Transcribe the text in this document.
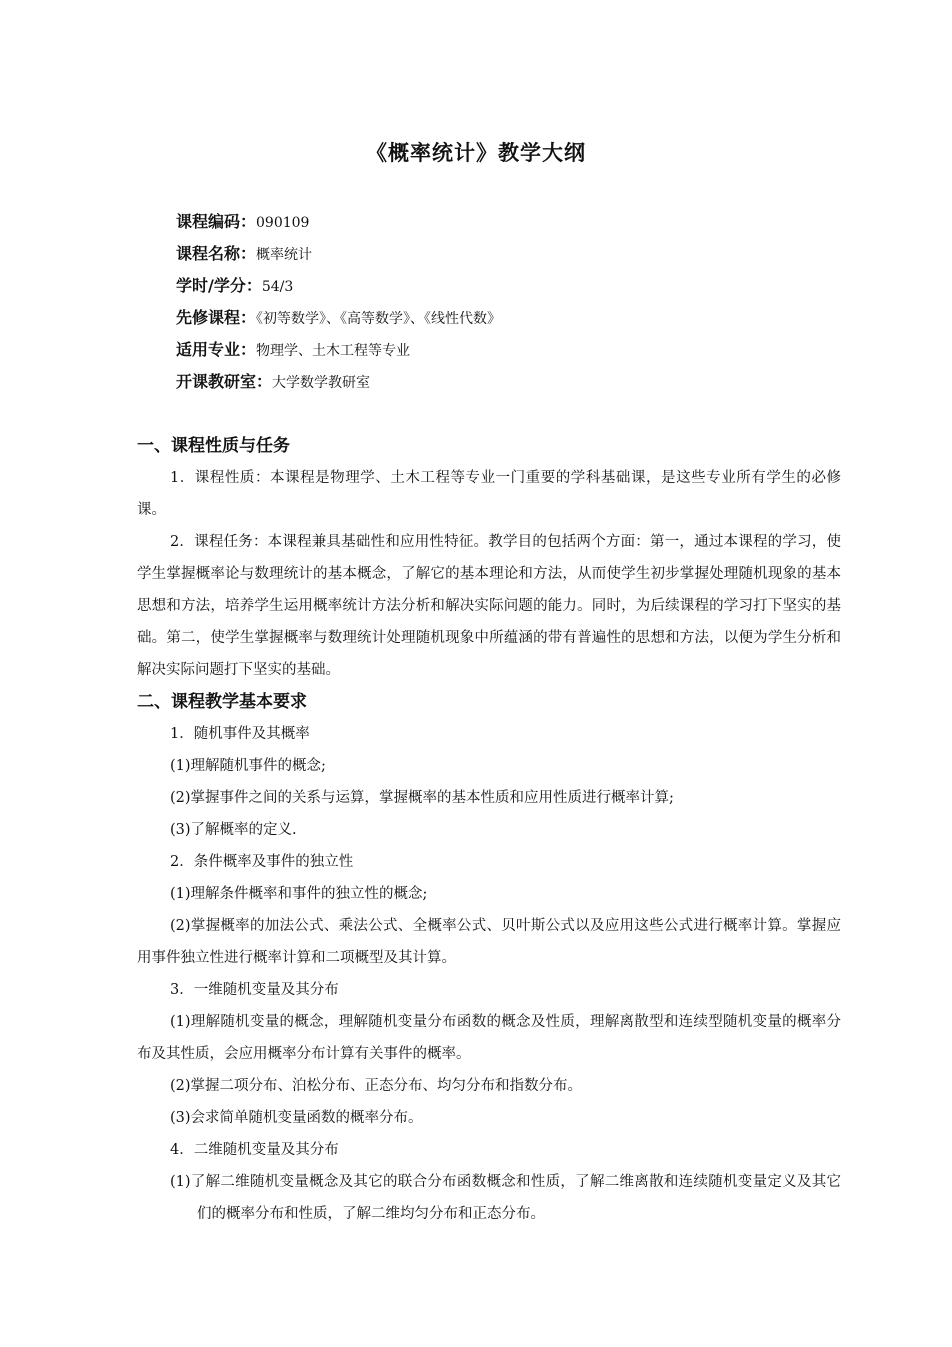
《概率统计》教学大纲
课程编码：090109
课程名称：概率统计
学时/学分：54/3
先修课程：《初等数学》、《高等数学》、《线性代数》
适用专业：物理学、土木工程等专业
开课教研室：大学数学教研室
一、课程性质与任务

1．课程性质：本课程是物理学、土木工程等专业一门重要的学科基础课，是这些专业所有学生的必修课。

2．课程任务：本课程兼具基础性和应用性特征。教学目的包括两个方面：第一，通过本课程的学习，使学生掌握概率论与数理统计的基本概念，了解它的基本理论和方法，从而使学生初步掌握处理随机现象的基本思想和方法，培养学生运用概率统计方法分析和解决实际问题的能力。同时，为后续课程的学习打下坚实的基础。第二，使学生掌握概率与数理统计处理随机现象中所蕴涵的带有普遍性的思想和方法，以便为学生分析和解决实际问题打下坚实的基础。

二、课程教学基本要求
1．随机事件及其概率
(1)理解随机事件的概念;
(2)掌握事件之间的关系与运算，掌握概率的基本性质和应用性质进行概率计算;
(3)了解概率的定义.
2．条件概率及事件的独立性
(1)理解条件概率和事件的独立性的概念;

(2)掌握概率的加法公式、乘法公式、全概率公式、贝叶斯公式以及应用这些公式进行概率计算。掌握应用事件独立性进行概率计算和二项概型及其计算。

3．一维随机变量及其分布

(1)理解随机变量的概念，理解随机变量分布函数的概念及性质，理解离散型和连续型随机变量的概率分布及其性质，会应用概率分布计算有关事件的概率。

(2)掌握二项分布、泊松分布、正态分布、均匀分布和指数分布。
(3)会求简单随机变量函数的概率分布。
4．二维随机变量及其分布

(1)了解二维随机变量概念及其它的联合分布函数概念和性质，了解二维离散和连续随机变量定义及其它们的概率分布和性质，了解二维均匀分布和正态分布。
